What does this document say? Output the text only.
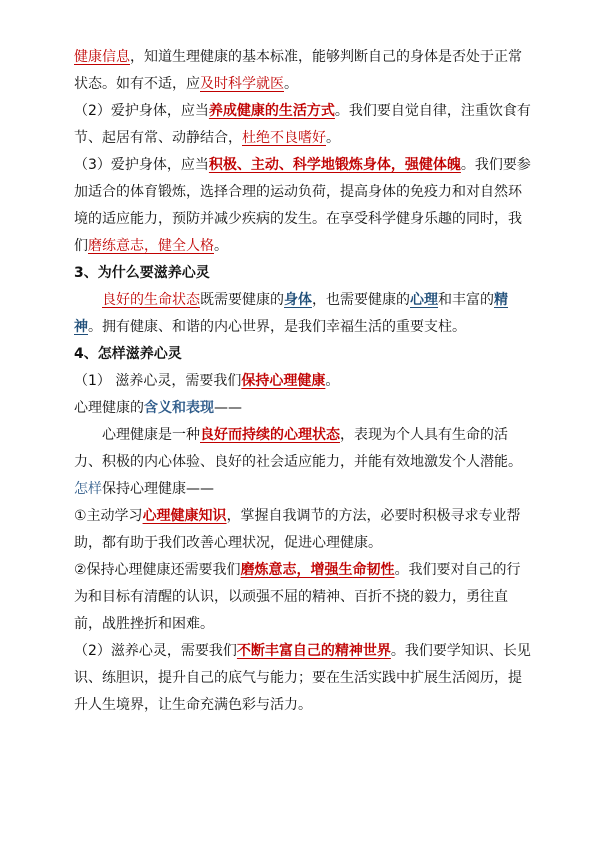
健康信息，知道生理健康的基本标准，能够判断自己的身体是否处于正常状态。如有不适，应及时科学就医。

（2）爱护身体，应当养成健康的生活方式。我们要自觉自律，注重饮食有节、起居有常、动静结合，杜绝不良嗜好。

（3）爱护身体，应当积极、主动、科学地锻炼身体，强健体魄。我们要参加适合的体育锻炼，选择合理的运动负荷，提高身体的免疫力和对自然环境的适应能力，预防并减少疾病的发生。在享受科学健身乐趣的同时，我们磨练意志，健全人格。

3、为什么要滋养心灵

良好的生命状态既需要健康的身体，也需要健康的心理和丰富的精神。拥有健康、和谐的内心世界，是我们幸福生活的重要支柱。

4、怎样滋养心灵

（1） 滋养心灵，需要我们保持心理健康。

心理健康的含义和表现——

心理健康是一种良好而持续的心理状态，表现为个人具有生命的活力、积极的内心体验、良好的社会适应能力，并能有效地激发个人潜能。

怎样保持心理健康——

①主动学习心理健康知识，掌握自我调节的方法，必要时积极寻求专业帮助，都有助于我们改善心理状况，促进心理健康。

②保持心理健康还需要我们磨炼意志，增强生命韧性。我们要对自己的行为和目标有清醒的认识，以顽强不屈的精神、百折不挠的毅力，勇往直前，战胜挫折和困难。

（2）滋养心灵，需要我们不断丰富自己的精神世界。我们要学知识、长见识、练胆识，提升自己的底气与能力；要在生活实践中扩展生活阅历，提升人生境界，让生命充满色彩与活力。
